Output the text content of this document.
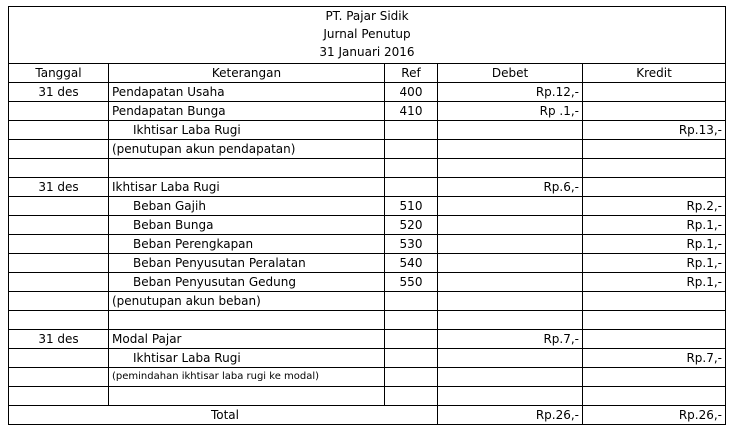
PT. Pajar Sidik
Jurnal Penutup
31 Januari 2016				

Tanggal	Keterangan	Ref	Debet	Kredit
31 des	Pendapatan Usaha	400	Rp.12,-	
	Pendapatan Bunga	410	Rp .1,-	
	Ikhtisar Laba Rugi			Rp.13,-
	(penutupan akun pendapatan)			

31 des	Ikhtisar Laba Rugi		Rp.6,-	
	Beban Gajih	510		Rp.2,-
	Beban Bunga	520		Rp.1,-
	Beban Perengkapan	530		Rp.1,-
	Beban Penyusutan Peralatan	540		Rp.1,-
	Beban Penyusutan Gedung	550		Rp.1,-
	(penutupan akun beban)			

31 des	Modal Pajar		Rp.7,-	
	Ikhtisar Laba Rugi			Rp.7,-
	(pemindahan ikhtisar laba rugi ke modal)			

Total			Rp.26,-	Rp.26,-
